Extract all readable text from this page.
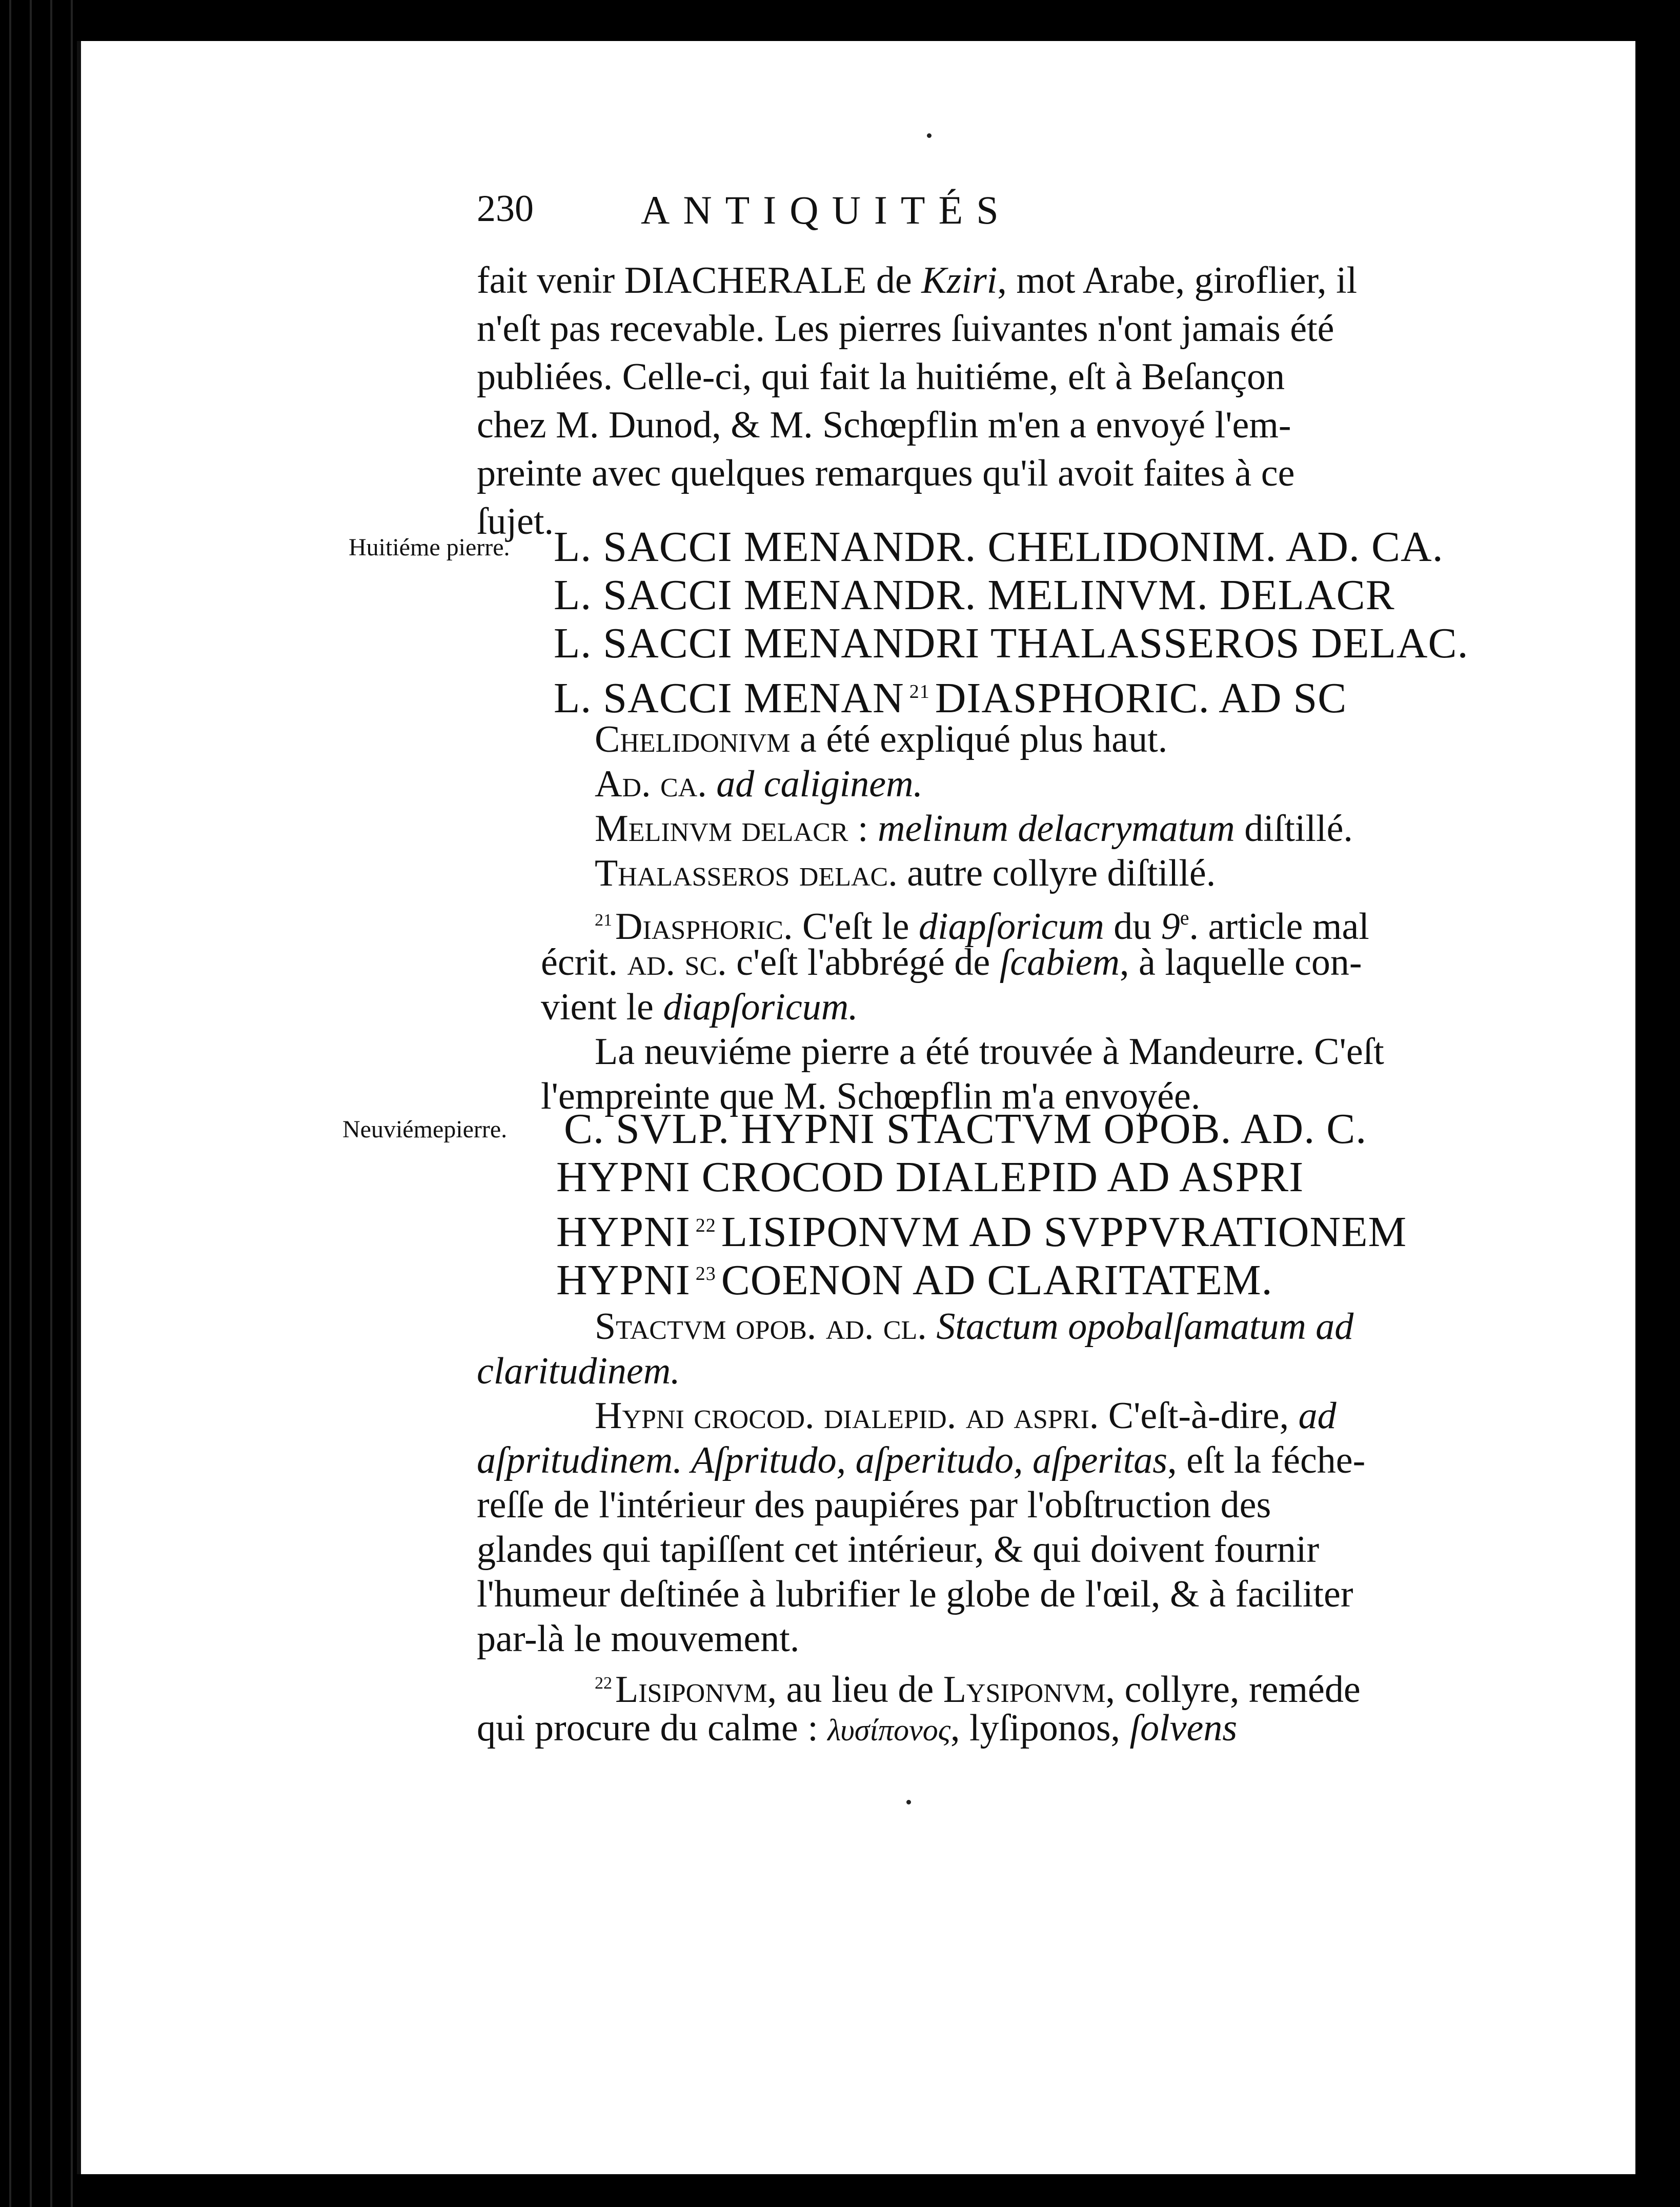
230	ANTIQUITÉS
fait venir DIACHERALE de Kziri, mot Arabe, giroflier, il
n'eſt pas recevable. Les pierres ſuivantes n'ont jamais été
publiées. Celle-ci, qui fait la huitiéme, eſt à Beſançon
chez M. Dunod, & M. Schœpflin m'en a envoyé l'em-
preinte avec quelques remarques qu'il avoit faites à ce
ſujet.
Huitiéme pierre. L. SACCI MENANDR. CHELIDONIM. AD. CA.
L. SACCI MENANDR. MELINVM. DELACR
L. SACCI MENANDRI THALASSEROS DELAC.
L. SACCI MENAN $^{21}$ DIASPHORIC. AD SC
Chelidonivm a été expliqué plus haut.
Ad. ca. ad caliginem.
Melinvm delacr : melinum delacrymatum diſtillé.
Thalasseros delac. autre collyre diſtillé.
$^{21}$Diasphoric. C'eſt le diapſoricum du 9e. article mal
écrit. ad. sc. c'eſt l'abbrégé de ſcabiem, à laquelle con-
vient le diapſoricum.
La neuviéme pierre a été trouvée à Mandeurre. C'eſt
l'empreinte que M. Schœpflin m'a envoyée.
Neuviémepierre. C. SVLP. HYPNI STACTVM OPOB. AD. C.
HYPNI CROCOD DIALEPID AD ASPRI
HYPNI $^{22}$ LISIPONVM AD SVPPVRATIONEM
HYPNI $^{23}$ COENON AD CLARITATEM.
Stactvm opob. ad. cl. Stactum opobalſamatum ad
claritudinem.
Hypni crocod. dialepid. ad aspri. C'eſt-à-dire, ad
aſpritudinem. Aſpritudo, aſperitudo, aſperitas, eſt la féche-
reſſe de l'intérieur des paupiéres par l'obſtruction des
glandes qui tapiſſent cet intérieur, & qui doivent fournir
l'humeur deſtinée à lubrifier le globe de l'œil, & à faciliter
par-là le mouvement.
$^{22}$Lisiponvm, au lieu de Lysiponvm, collyre, reméde
qui procure du calme : λυσίπονος, lyſiponos, ſolvens
